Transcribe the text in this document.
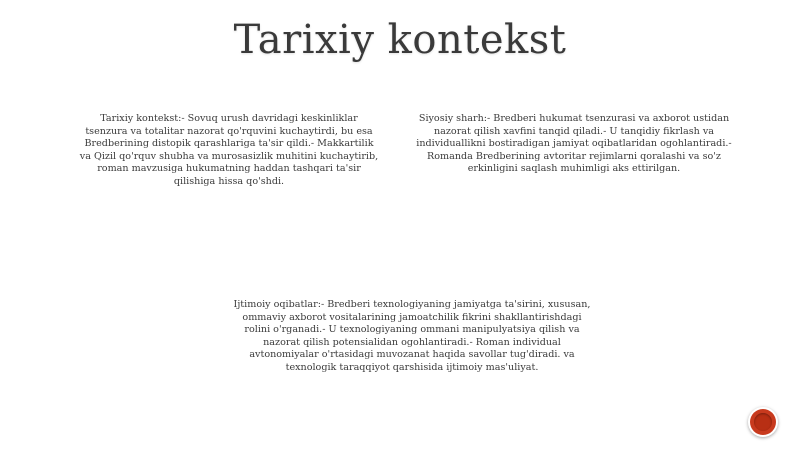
Tarixiy kontekst
Tarixiy kontekst:- Sovuq urush davridagi keskinliklar tsenzura va totalitar nazorat qo'rquvini kuchaytirdi, bu esa Bredberining distopik qarashlariga ta'sir qildi.- Makkartilik va Qizil qo'rquv shubha va murosasizlik muhitini kuchaytirib, roman mavzusiga hukumatning haddan tashqari ta'sir qilishiga hissa qo'shdi.
Siyosiy sharh:- Bredberi hukumat tsenzurasi va axborot ustidan nazorat qilish xavfini tanqid qiladi.- U tanqidiy fikrlash va individuallikni bostiradigan jamiyat oqibatlaridan ogohlantiradi.- Romanda Bredberining avtoritar rejimlarni qoralashi va so'z erkinligini saqlash muhimligi aks ettirilgan.
Ijtimoiy oqibatlar:- Bredberi texnologiyaning jamiyatga ta'sirini, xususan, ommaviy axborot vositalarining jamoatchilik fikrini shakllantirishdagi rolini o'rganadi.- U texnologiyaning ommani manipulyatsiya qilish va nazorat qilish potensialidan ogohlantiradi.- Roman individual avtonomiyalar o'rtasidagi muvozanat haqida savollar tug'diradi. va texnologik taraqqiyot qarshisida ijtimoiy mas'uliyat.
